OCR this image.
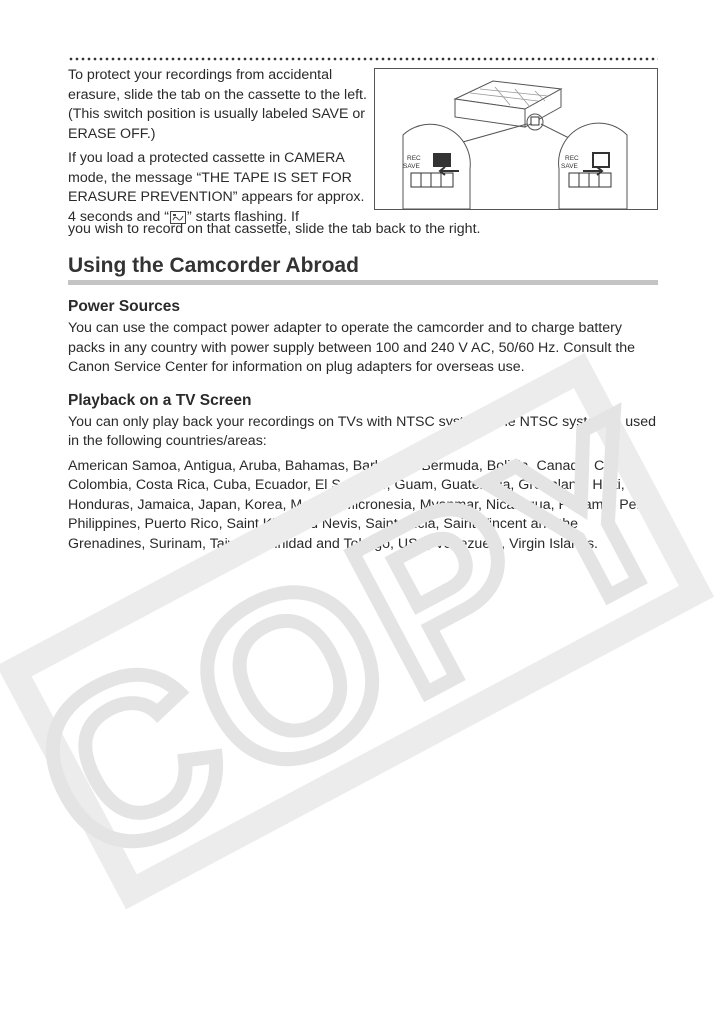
To protect your recordings from accidental erasure, slide the tab on the cassette to the left. (This switch position is usually labeled SAVE or ERASE OFF.)

If you load a protected cassette in CAMERA mode, the message “THE TAPE IS SET FOR ERASURE PREVENTION” appears for approx. 4 seconds and “ ” starts flashing. If

you wish to record on that cassette, slide the tab back to the right.

REC
SAVE
REC
SAVE
Using the Camcorder Abroad
Power Sources

You can use the compact power adapter to operate the camcorder and to charge battery packs in any country with power supply between 100 and 240 V AC, 50/60 Hz. Consult the Canon Service Center for information on plug adapters for overseas use.

Playback on a TV Screen

You can only play back your recordings on TVs with NTSC system. The NTSC system is used in the following countries/areas:

American Samoa, Antigua, Aruba, Bahamas, Barbados, Bermuda, Bolivia, Canada, Chile, Colombia, Costa Rica, Cuba, Ecuador, El Salvador, Guam, Guatemala, Greenland, Haiti, Honduras, Jamaica, Japan, Korea, Mexico, Micronesia, Myanmar, Nicaragua, Panama, Peru, Philippines, Puerto Rico, Saint Kitts and Nevis, Saint Lucia, Saint Vincent and the Grenadines, Surinam, Taiwan, Trinidad and Tobago, USA, Venezuela, Virgin Islands.
